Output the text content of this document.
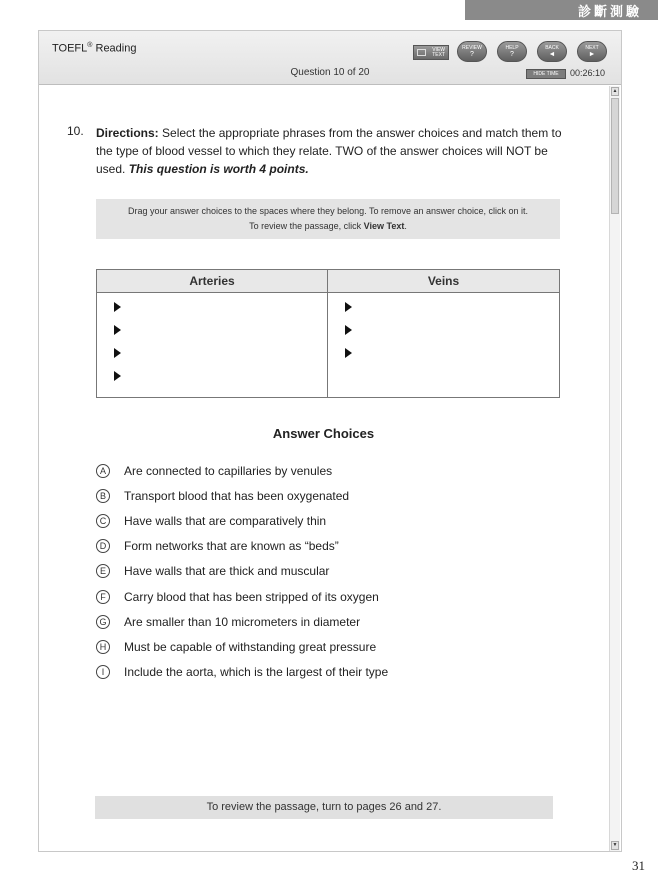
診斷測驗
TOEFL® Reading	VIEW
TEXT
REVIEW
?
HELP
?
BACK
◄
NEXT
►
Question 10 of 20	HIDE TIME	00:26:10
10. Directions: Select the appropriate phrases from the answer choices and match them to the type of blood vessel to which they relate. TWO of the answer choices will NOT be used. This question is worth 4 points.
Drag your answer choices to the spaces where they belong. To remove an answer choice, click on it.
To review the passage, click View Text.
Arteries	Veins
Answer Choices
A	Are connected to capillaries by venules
B	Transport blood that has been oxygenated
C	Have walls that are comparatively thin
D	Form networks that are known as “beds”
E	Have walls that are thick and muscular
F	Carry blood that has been stripped of its oxygen
G Are smaller than 10 micrometers in diameter
H	Must be capable of withstanding great pressure
I	Include the aorta, which is the largest of their type
To review the passage, turn to pages 26 and 27.
▲
▼
31
